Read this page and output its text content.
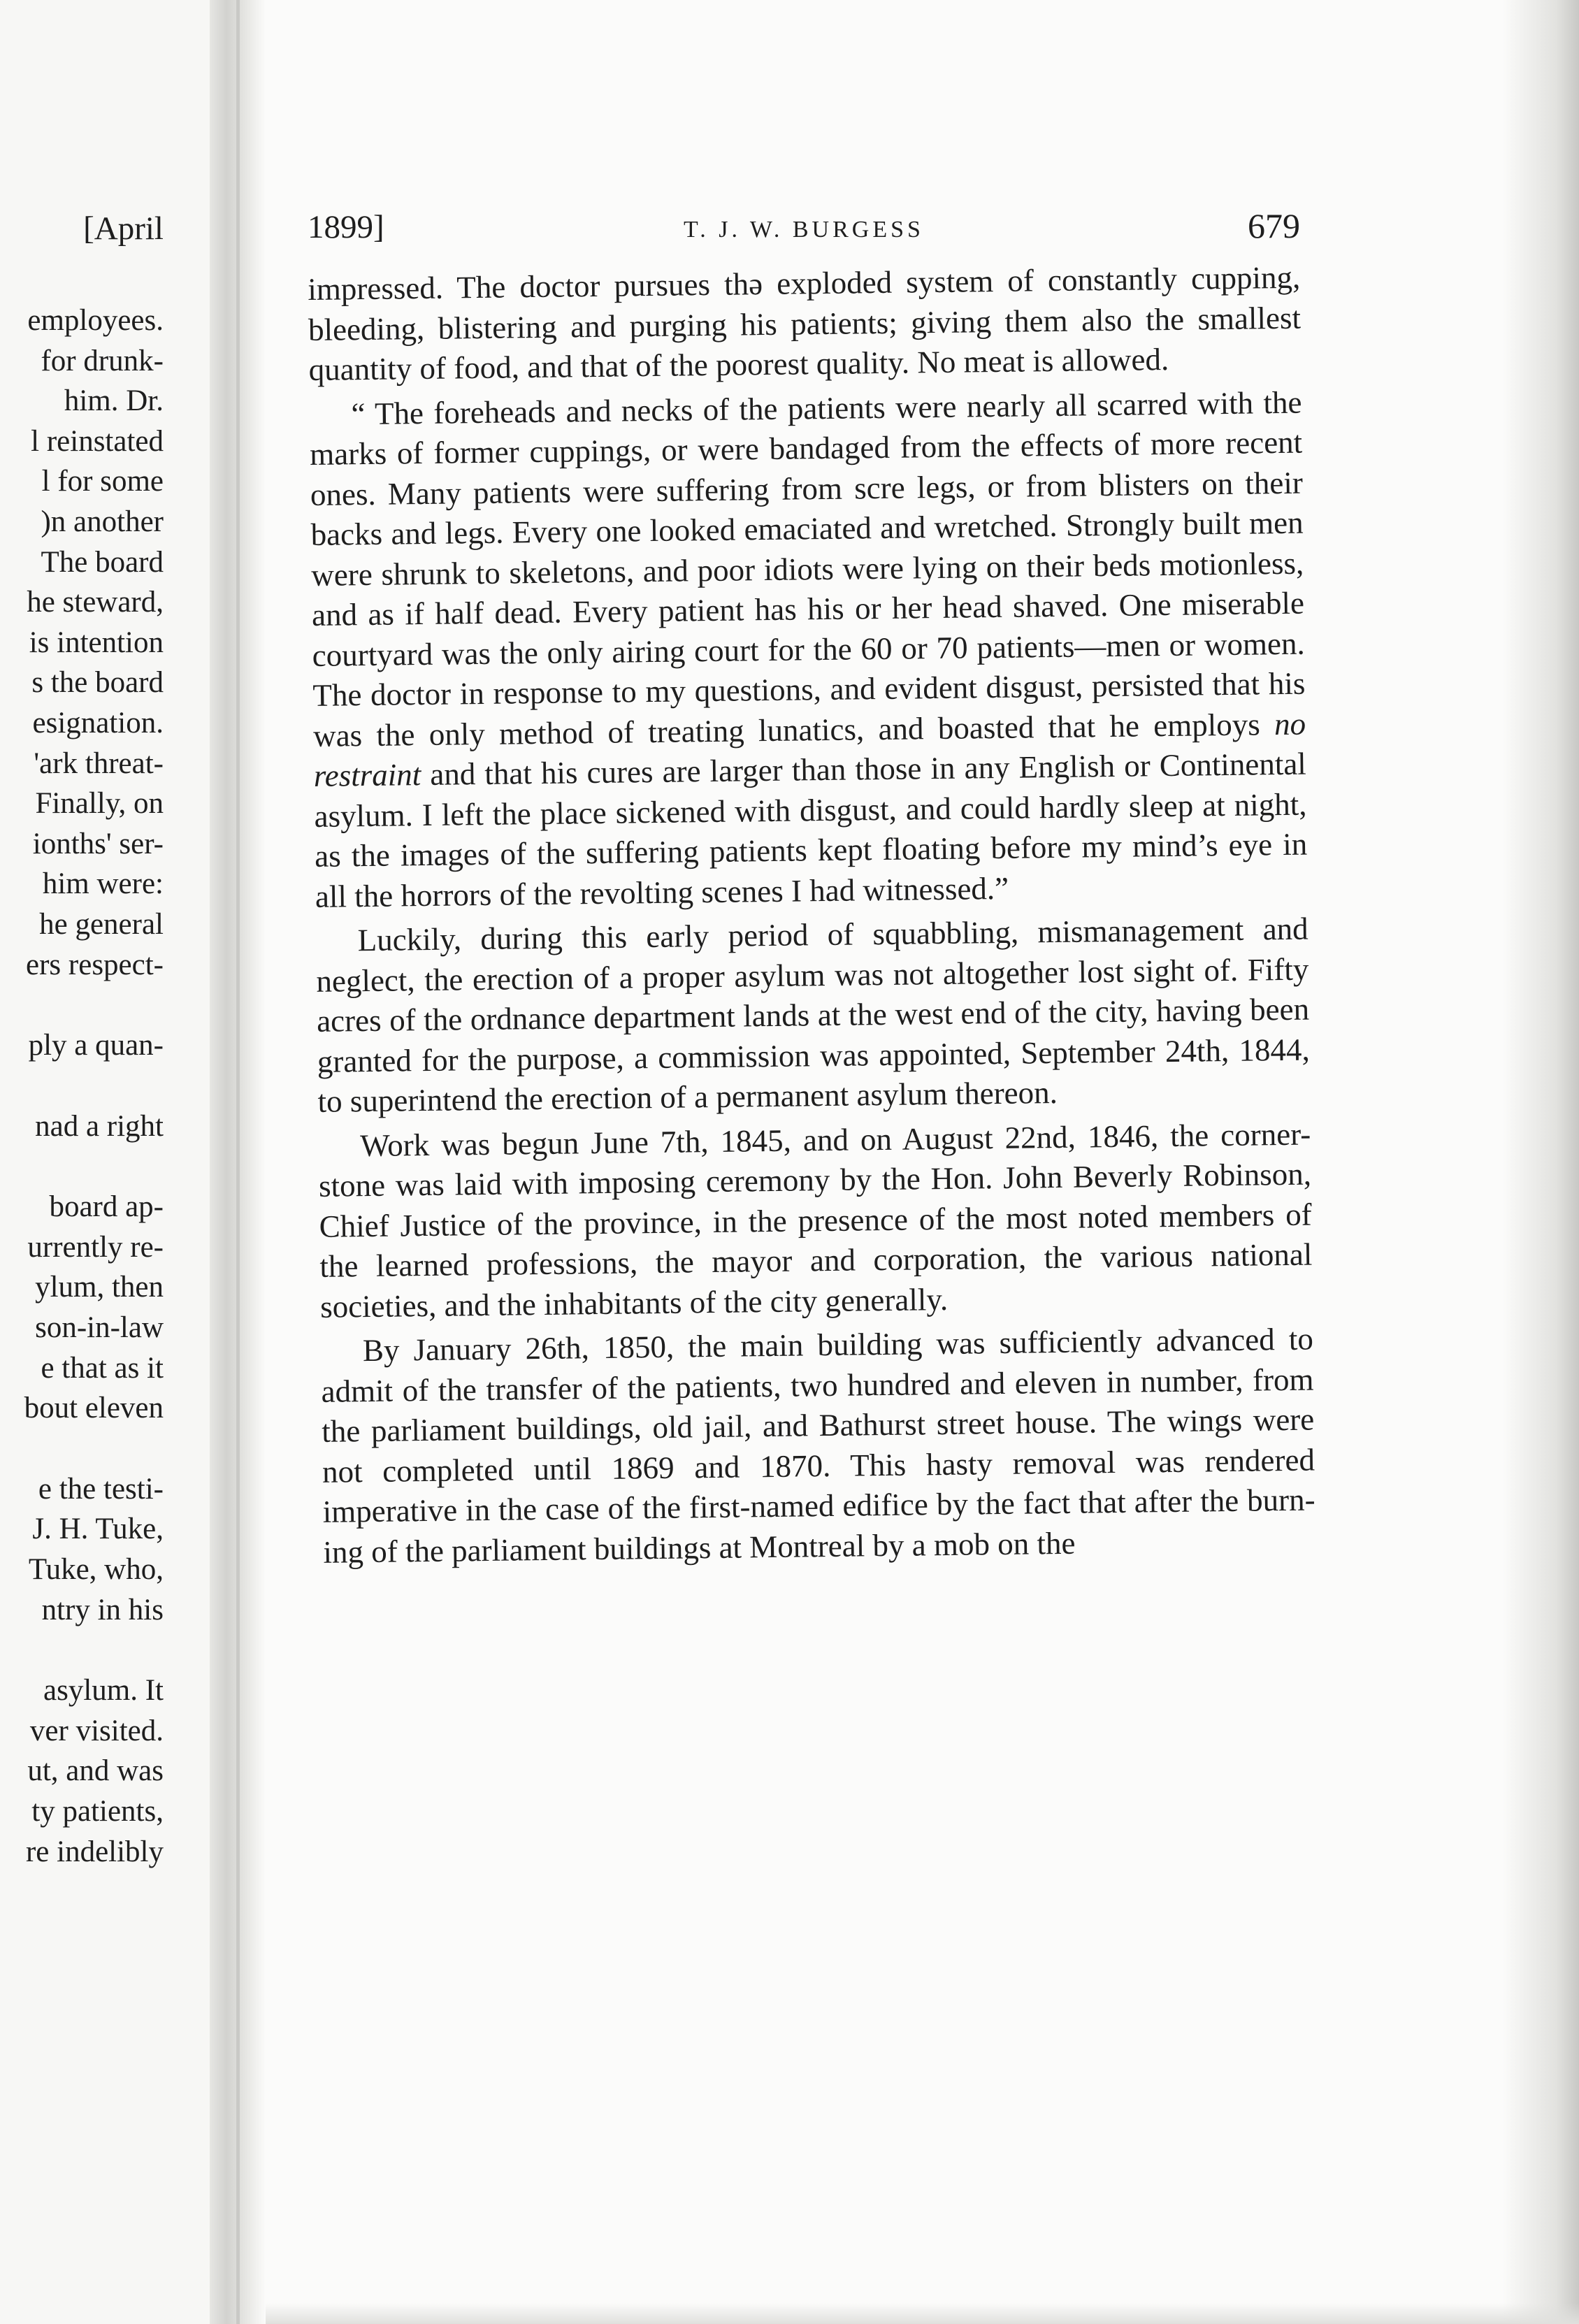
[April
employees.
for drunk-
him. Dr.
l reinstated
l for some
)n another
The board
he steward,
is intention
s the board
esignation.
'ark threat-
Finally, on
ionths' ser-
him were:
he general
ers respect-
ply a quan-
nad a right
board ap-
urrently re-
ylum, then
son-in-law
e that as it
bout eleven
e the testi-
J. H. Tuke,
Tuke, who,
ntry in his
asylum. It
ver visited.
ut, and was
ty patients,
re indelibly
1899]	T. J. W. BURGESS	679

impressed. The doctor pursues thə exploded system of constantly cupping, bleeding, blistering and purging his patients; giving them also the smallest quantity of food, and that of the poorest quality. No meat is allowed.

“ The foreheads and necks of the patients were nearly all scarred with the marks of former cuppings, or were bandaged from the effects of more recent ones. Many patients were suffering from scre legs, or from blisters on their backs and legs. Every one looked emaciated and wretched. Strongly built men were shrunk to skeletons, and poor idiots were lying on their beds motionless, and as if half dead. Every patient has his or her head shaved. One miserable courtyard was the only airing court for the 60 or 70 patients—men or women. The doctor in response to my questions, and evident disgust, persisted that his was the only method of treating lunatics, and boasted that he employs no restraint and that his cures are larger than those in any English or Continental asylum. I left the place sickened with disgust, and could hardly sleep at night, as the images of the suffering patients kept floating before my mind’s eye in all the horrors of the revolting scenes I had witnessed.”

Luckily, during this early period of squabbling, mismanagement and neglect, the erection of a proper asylum was not altogether lost sight of. Fifty acres of the ordnance department lands at the west end of the city, having been granted for the purpose, a commission was appointed, September 24th, 1844, to superintend the erection of a permanent asylum thereon.

Work was begun June 7th, 1845, and on August 22nd, 1846, the corner-stone was laid with imposing ceremony by the Hon. John Beverly Robinson, Chief Justice of the province, in the presence of the most noted members of the learned professions, the mayor and corporation, the various national societies, and the inhabitants of the city generally.

By January 26th, 1850, the main building was sufficiently advanced to admit of the transfer of the patients, two hundred and eleven in number, from the parliament buildings, old jail, and Bathurst street house. The wings were not completed until 1869 and 1870. This hasty removal was rendered imperative in the case of the first-named edifice by the fact that after the burning of the parliament buildings at Montreal by a mob on the
